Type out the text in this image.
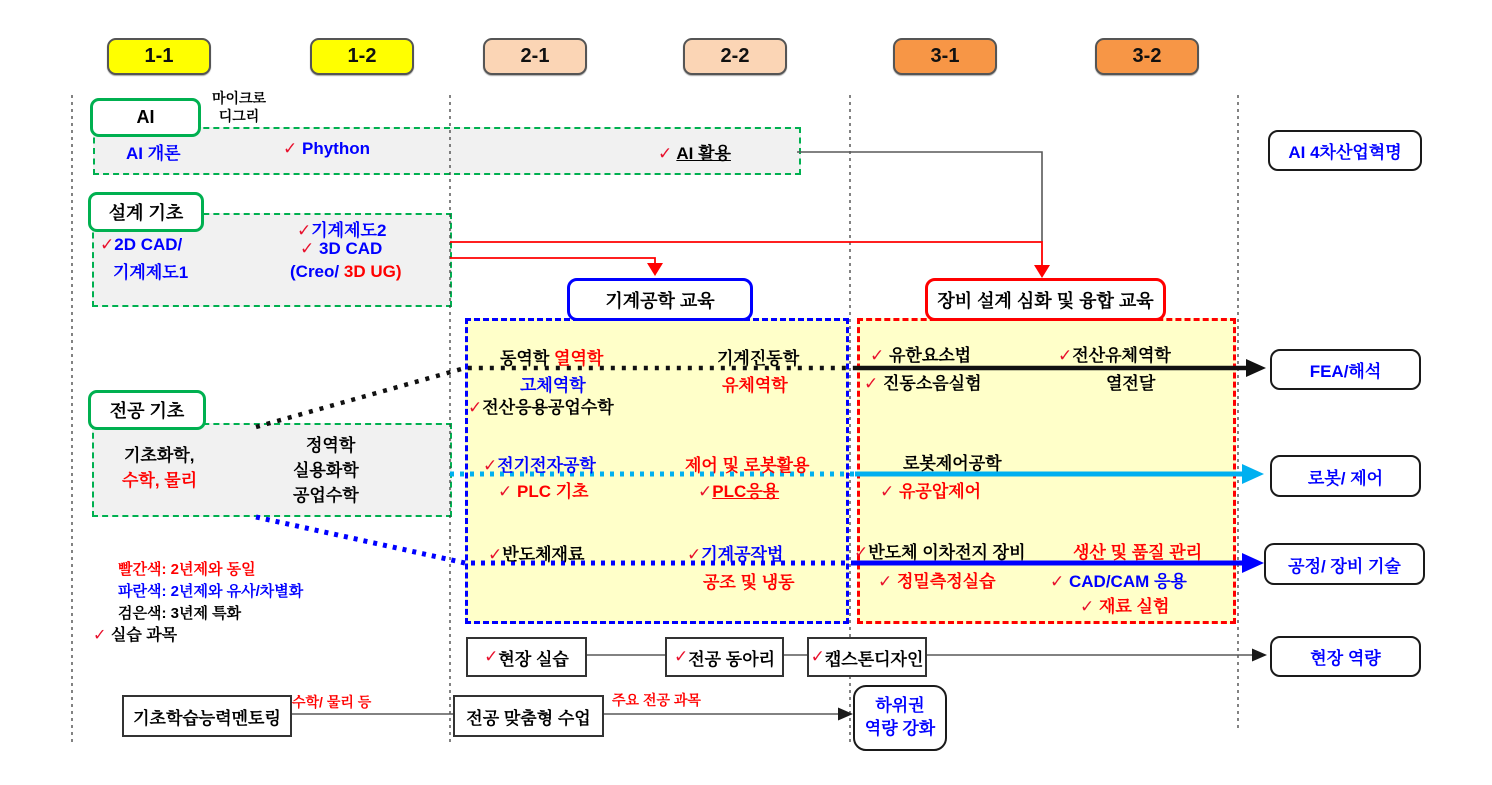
1-1	1-2	2-1	2-2	3-1	3-2
AI
마이크로
디그리
AI 개론	✓ Phython	✓ AI 활용
설계 기초
✓2D CAD/
기계제도1
✓기계제도2
✓ 3D CAD
(Creo/ 3D UG)
기계공학 교육	장비 설계 심화 및 융합 교육
전공 기초
기초화학,
수학, 물리
정역학
실용화학
공업수학
빨간색: 2년제와 동일
파란색: 2년제와 유사/차별화
검은색: 3년제 특화
✓ 실습 과목
동역학 열역학
고체역학
기계진동학
유체역학
✓전산응용공업수학
✓전기전자공학
✓ PLC 기초
제어 및 로봇활용
✓PLC응용
✓반도체재료	✓기계공작법
공조 및 냉동
✓ 유한요소법
✓ 진동소음실험
✓전산유체역학
열전달
로봇제어공학
✓ 유공압제어
✓반도체 이차전지 장비	생산 및 품질 관리
✓ 정밀측정실습	✓ CAD/CAM 응용
✓ 재료 실험
AI 4차산업혁명
FEA/해석
로봇/ 제어
공정/ 장비 기술
현장 역량
✓ 현장 실습	✓ 전공 동아리 ✓ 캡스톤디자인
기초학습능력멘토링
수학/ 물리 등
전공 맞춤형 수업
주요 전공 과목	하위권
역량 강화
